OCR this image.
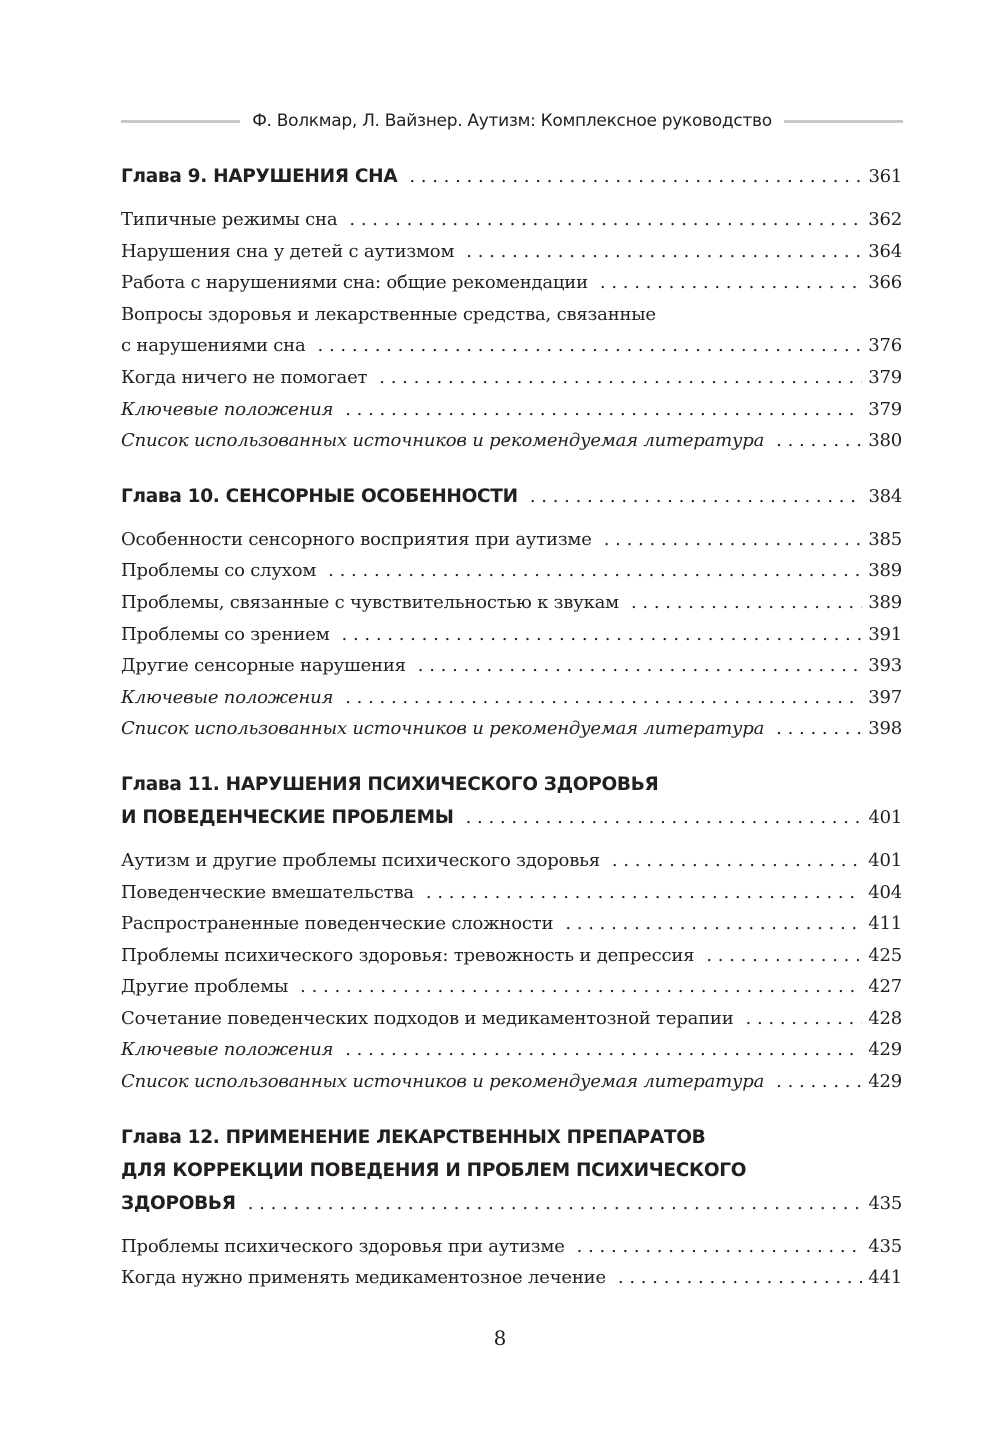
Ф. Волкмар, Л. Вайзнер. Аутизм: Комплексное руководство
Глава 9. НАРУШЕНИЯ СНА . . .	361
Типичные режимы сна . . .	362
Нарушения сна у детей с аутизмом . . .	364
Работа с нарушениями сна: общие рекомендации . . .	366
Вопросы здоровья и лекарственные средства, связанные
с нарушениями сна . . .	376
Когда ничего не помогает . . .	379
Ключевые положения . . .	379
Список использованных источников и рекомендуемая литература . . .	380
Глава 10. СЕНСОРНЫЕ ОСОБЕННОСТИ . . .	384
Особенности сенсорного восприятия при аутизме . . .	385
Проблемы со слухом . . .	389
Проблемы, связанные с чувствительностью к звукам . . .	389
Проблемы со зрением . . .	391
Другие сенсорные нарушения . . .	393
Ключевые положения . . .	397
Список использованных источников и рекомендуемая литература . . .	398
Глава 11. НАРУШЕНИЯ ПСИХИЧЕСКОГО ЗДОРОВЬЯ
И ПОВЕДЕНЧЕСКИЕ ПРОБЛЕМЫ . . .	401
Аутизм и другие проблемы психического здоровья . . .	401
Поведенческие вмешательства . . .	404
Распространенные поведенческие сложности . . .	411
Проблемы психического здоровья: тревожность и депрессия . . .	425
Другие проблемы . . .	427
Сочетание поведенческих подходов и медикаментозной терапии . . .	428
Ключевые положения . . .	429
Список использованных источников и рекомендуемая литература . . .	429
Глава 12. ПРИМЕНЕНИЕ ЛЕКАРСТВЕННЫХ ПРЕПАРАТОВ
ДЛЯ КОРРЕКЦИИ ПОВЕДЕНИЯ И ПРОБЛЕМ ПСИХИЧЕСКОГО
ЗДОРОВЬЯ . . .	435
Проблемы психического здоровья при аутизме . . .	435
Когда нужно применять медикаментозное лечение . . .	441
8
